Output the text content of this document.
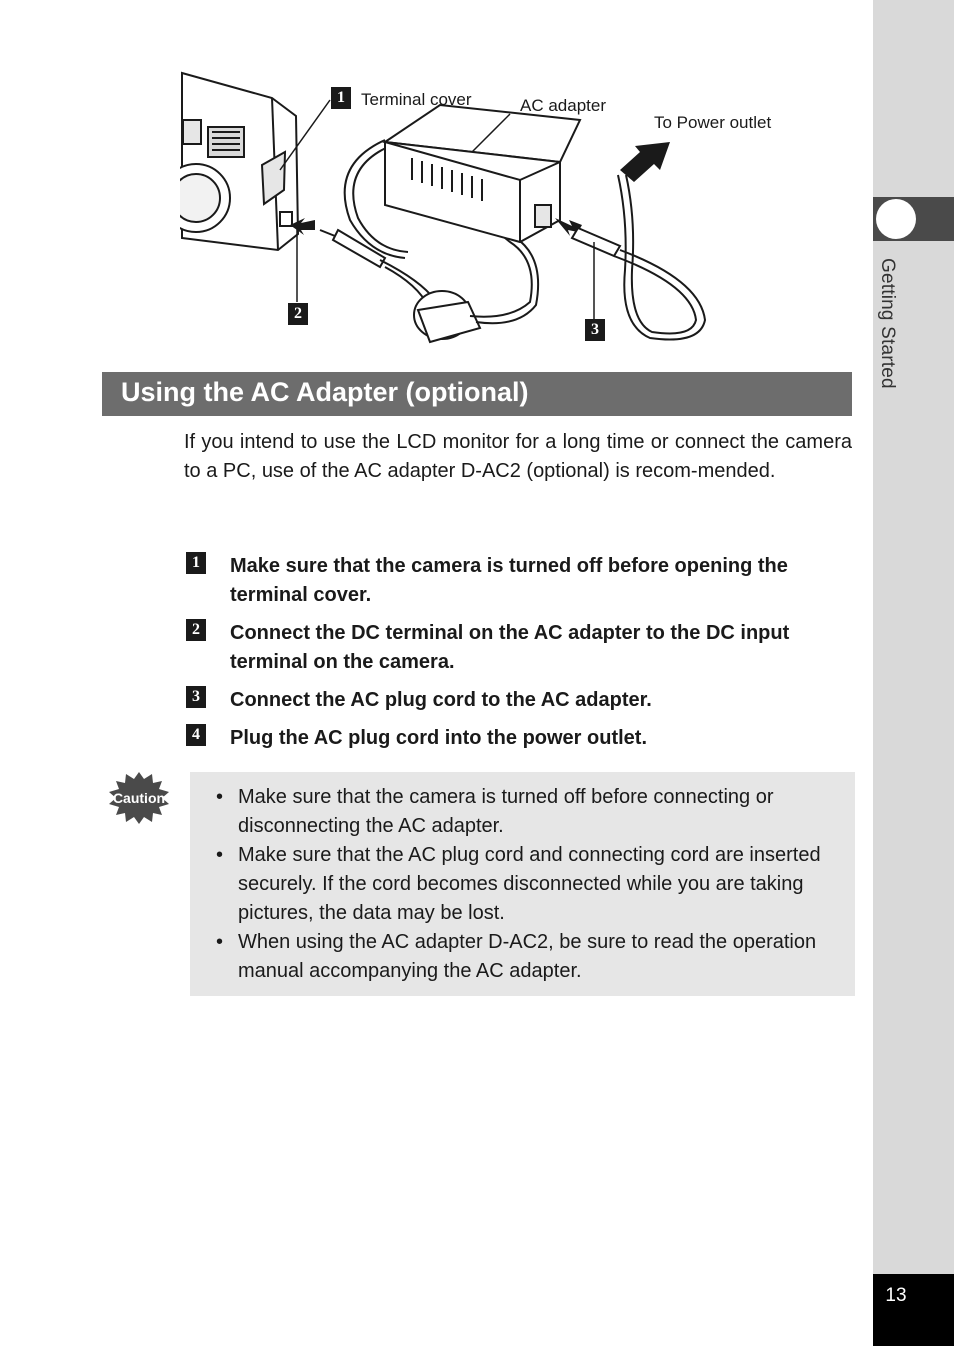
Getting Started
13
1 Terminal cover	AC adapter
To Power outlet
2
3
Using the AC Adapter (optional)
If you intend to use the LCD monitor for a long time or connect the camera to a PC, use of the AC adapter D-AC2 (optional) is recom-mended.
1	Make sure that the camera is turned off before opening the terminal cover.
2	Connect the DC terminal on the AC adapter to the DC input terminal on the camera.
3	Connect the AC plug cord to the AC adapter.
4	Plug the AC plug cord into the power outlet.
Caution	• Make sure that the camera is turned off before connecting or disconnecting the AC adapter.
• Make sure that the AC plug cord and connecting cord are inserted securely. If the cord becomes disconnected while you are taking pictures, the data may be lost.
• When using the AC adapter D-AC2, be sure to read the operation manual accompanying the AC adapter.
